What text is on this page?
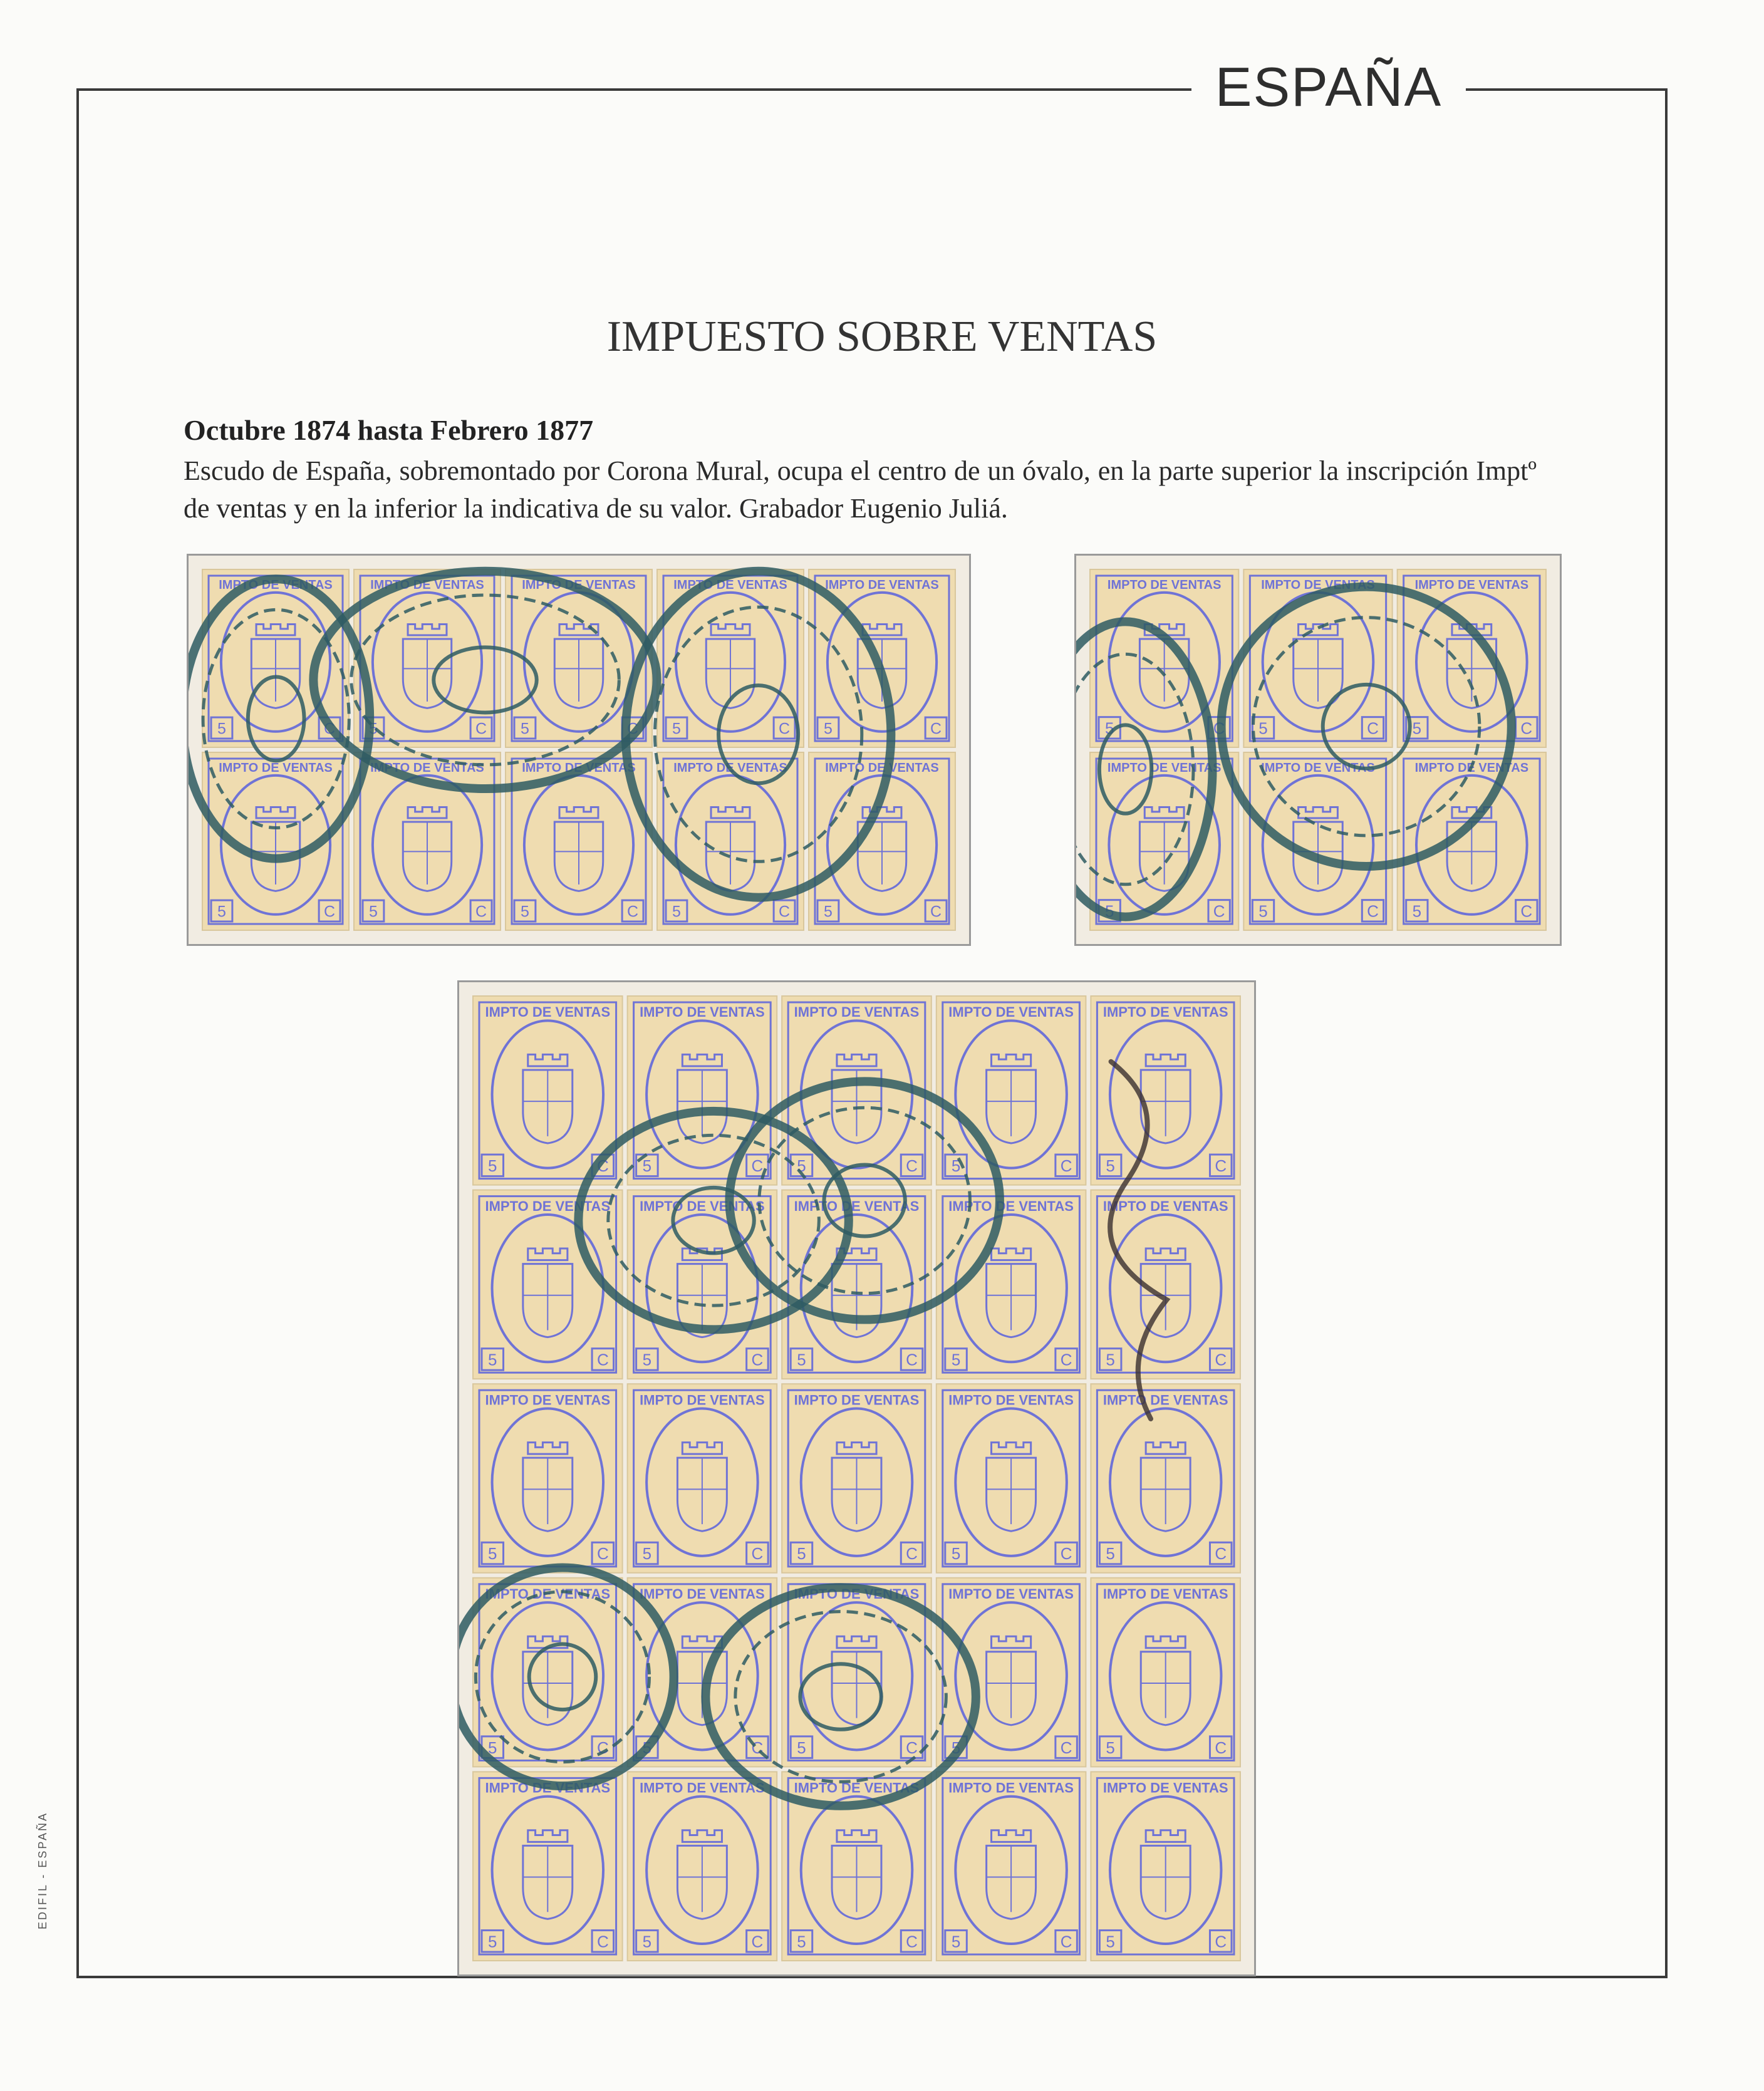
ESPAÑA
IMPUESTO SOBRE VENTAS
Octubre 1874 hasta Febrero 1877
Escudo de España, sobremontado por Corona Mural, ocupa el centro de un óvalo, en la parte superior la inscripción Imptº de ventas y en la inferior la indicativa de su valor. Grabador Eugenio Juliá.
IMPTO DE VENTAS
5	C
IMPTO DE VENTAS
5	C
IMPTO DE VENTAS
5	C
IMPTO DE VENTAS
5	C
IMPTO DE VENTAS
5	C
IMPTO DE VENTAS
5	C
IMPTO DE VENTAS
5	C
IMPTO DE VENTAS
5	C
IMPTO DE VENTAS
5	C
IMPTO DE VENTAS
5	C
IMPTO DE VENTAS
5	C
IMPTO DE VENTAS
5	C
IMPTO DE VENTAS
5	C
IMPTO DE VENTAS
5	C
IMPTO DE VENTAS
5	C
IMPTO DE VENTAS
5	C
IMPTO DE VENTAS
5	C
IMPTO DE VENTAS
5	C
IMPTO DE VENTAS
5	C
IMPTO DE VENTAS
5	C
IMPTO DE VENTAS
5	C
IMPTO DE VENTAS
5	C
IMPTO DE VENTAS
5	C
IMPTO DE VENTAS
5	C
IMPTO DE VENTAS
5	C
IMPTO DE VENTAS
5	C
IMPTO DE VENTAS
5	C
IMPTO DE VENTAS
5	C
IMPTO DE VENTAS
5	C
IMPTO DE VENTAS
5	C
IMPTO DE VENTAS
5	C
IMPTO DE VENTAS
5	C
IMPTO DE VENTAS
5	C
IMPTO DE VENTAS
5	C
IMPTO DE VENTAS
5	C
IMPTO DE VENTAS
5	C
IMPTO DE VENTAS
5	C
IMPTO DE VENTAS
5	C
IMPTO DE VENTAS
5	C
IMPTO DE VENTAS
5	C
IMPTO DE VENTAS
5	C
EDIFIL - ESPAÑA
